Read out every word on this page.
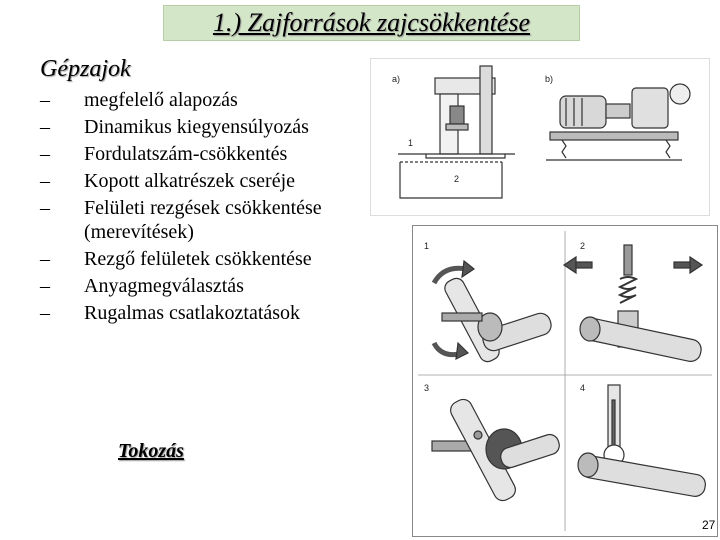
1.) Zajforrások zajcsökkentése
Gépzajok
– megfelelő alapozás
– Dinamikus kiegyensúlyozás
– Fordulatszám-csökkentés
– Kopott alkatrészek cseréje
– Felületi rezgések csökkentése (merevítések)
– Rezgő felületek csökkentése
– Anyagmegválasztás
– Rugalmas csatlakoztatások
Tokozás
a)	b)
1
2
1	2
3	4
27
